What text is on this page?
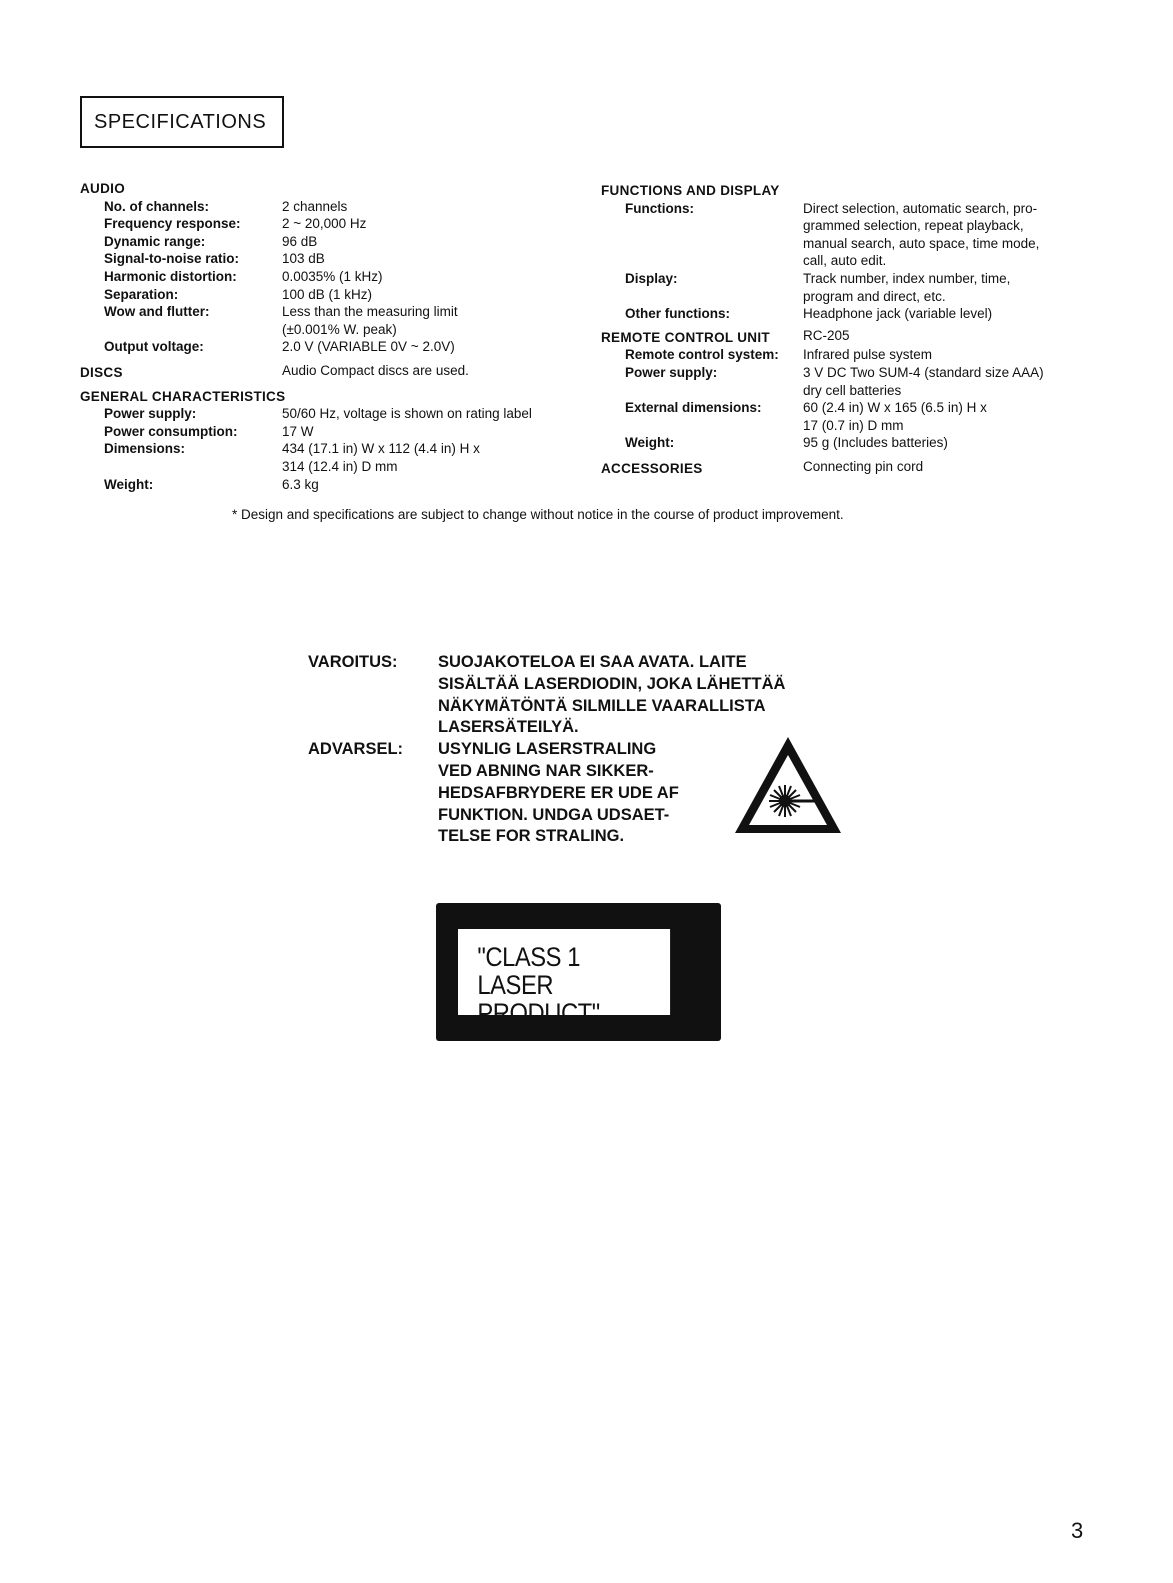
SPECIFICATIONS
AUDIO
No. of channels:	2 channels
Frequency response:	2 ~ 20,000 Hz
Dynamic range:	96 dB
Signal-to-noise ratio:	103 dB
Harmonic distortion:	0.0035% (1 kHz)
Separation:	100 dB (1 kHz)
Wow and flutter:	Less than the measuring limit
(±0.001% W. peak)
Output voltage:	2.0 V (VARIABLE 0V ~ 2.0V)
DISCS	Audio Compact discs are used.
GENERAL CHARACTERISTICS
Power supply:	50/60 Hz, voltage is shown on rating label
Power consumption:	17 W
Dimensions:	434 (17.1 in) W x 112 (4.4 in) H x
314 (12.4 in) D mm
Weight:	6.3 kg
FUNCTIONS AND DISPLAY
Functions:	Direct selection, automatic search, pro-
grammed selection, repeat playback,
manual search, auto space, time mode,
call, auto edit.
Display:	Track number, index number, time,
program and direct, etc.
Other functions:	Headphone jack (variable level)
REMOTE CONTROL UNIT	RC-205
Remote control system:	Infrared pulse system
Power supply:	3 V DC Two SUM-4 (standard size AAA)
dry cell batteries
External dimensions:	60 (2.4 in) W x 165 (6.5 in) H x
17 (0.7 in) D mm
Weight:	95 g (Includes batteries)
ACCESSORIES	Connecting pin cord
* Design and specifications are subject to change without notice in the course of product improvement.
VAROITUS:	SUOJAKOTELOA EI SAA AVATA. LAITE
SISÄLTÄÄ LASERDIODIN, JOKA LÄHETTÄÄ
NÄKYMÄTÖNTÄ SILMILLE VAARALLISTA
LASERSÄTEILYÄ.
ADVARSEL:	USYNLIG LASERSTRALING
VED ABNING NAR SIKKER-
HEDSAFBRYDERE ER UDE AF
FUNKTION. UNDGA UDSAET-
TELSE FOR STRALING.
"CLASS 1
LASER PRODUCT"
3
